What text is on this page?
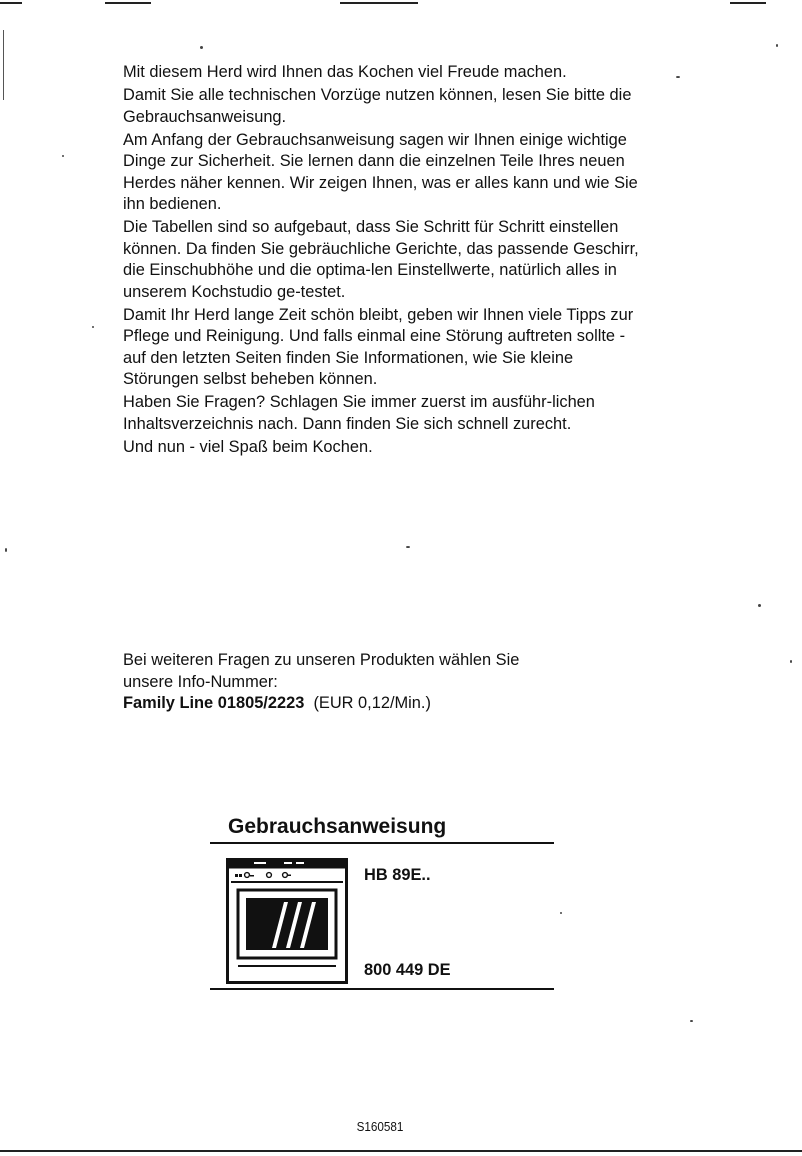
Mit diesem Herd wird Ihnen das Kochen viel Freude machen.

Damit Sie alle technischen Vorzüge nutzen können, lesen Sie bitte die Gebrauchsanweisung.

Am Anfang der Gebrauchsanweisung sagen wir Ihnen einige wichtige Dinge zur Sicherheit. Sie lernen dann die einzelnen Teile Ihres neuen Herdes näher kennen. Wir zeigen Ihnen, was er alles kann und wie Sie ihn bedienen.

Die Tabellen sind so aufgebaut, dass Sie Schritt für Schritt einstellen können. Da finden Sie gebräuchliche Gerichte, das passende Geschirr, die Einschubhöhe und die optima-len Einstellwerte, natürlich alles in unserem Kochstudio ge-testet.

Damit Ihr Herd lange Zeit schön bleibt, geben wir Ihnen viele Tipps zur Pflege und Reinigung. Und falls einmal eine Störung auftreten sollte - auf den letzten Seiten finden Sie Informationen, wie Sie kleine Störungen selbst beheben können.

Haben Sie Fragen? Schlagen Sie immer zuerst im ausführ-lichen Inhaltsverzeichnis nach. Dann finden Sie sich schnell zurecht.

Und nun - viel Spaß beim Kochen.

Bei weiteren Fragen zu unseren Produkten wählen Sie

unsere Info-Nummer:

Family Line 01805/2223 (EUR 0,12/Min.)

Gebrauchsanweisung
HB 89E..
800 449 DE
S160581
